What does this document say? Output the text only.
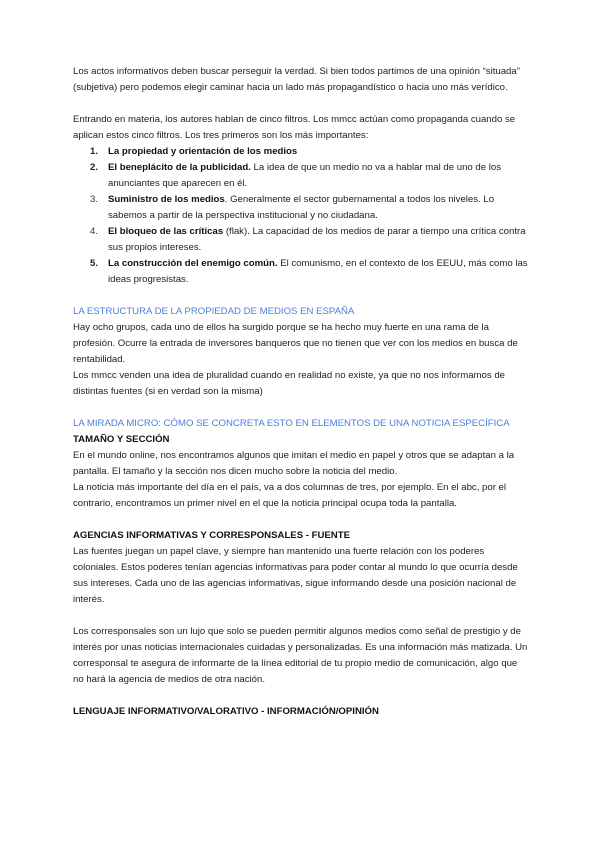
Los actos informativos deben buscar perseguir la verdad. Si bien todos partimos de una opinión “situada” (subjetiva) pero podemos elegir caminar hacia un lado más propagandístico o hacia uno más verídico.

Entrando en materia, los autores hablan de cinco filtros. Los mmcc actúan como propaganda cuando se aplican estos cinco filtros. Los tres primeros son los más importantes:

1. La propiedad y orientación de los medios
2. El beneplácito de la publicidad. La idea de que un medio no va a hablar mal de uno de los anunciantes que aparecen en él.
3. Suministro de los medios. Generalmente el sector gubernamental a todos los niveles. Lo sabemos a partir de la perspectiva institucional y no ciudadana.
4. El bloqueo de las críticas (flak). La capacidad de los medios de parar a tiempo una crítica contra sus propios intereses.
5. La construcción del enemigo común. El comunismo, en el contexto de los EEUU, más como las ideas progresistas.

LA ESTRUCTURA DE LA PROPIEDAD DE MEDIOS EN ESPAÑA

Hay ocho grupos, cada uno de ellos ha surgido porque se ha hecho muy fuerte en una rama de la profesión. Ocurre la entrada de inversores banqueros que no tienen que ver con los medios en busca de rentabilidad.

Los mmcc venden una idea de pluralidad cuando en realidad no existe, ya que no nos informamos de distintas fuentes (si en verdad son la misma)

LA MIRADA MICRO: CÓMO SE CONCRETA ESTO EN ELEMENTOS DE UNA NOTICIA ESPECÍFICA

TAMAÑO Y SECCIÓN

En el mundo online, nos encontramos algunos que imitan el medio en papel y otros que se adaptan a la pantalla. El tamaño y la sección nos dicen mucho sobre la noticia del medio.

La noticia más importante del día en el país, va a dos columnas de tres, por ejemplo. En el abc, por el contrario, encontramos un primer nivel en el que la noticia principal ocupa toda la pantalla.

AGENCIAS INFORMATIVAS Y CORRESPONSALES - FUENTE

Las fuentes juegan un papel clave, y siempre han mantenido una fuerte relación con los poderes coloniales. Estos poderes tenían agencias informativas para poder contar al mundo lo que ocurría desde sus intereses. Cada uno de las agencias informativas, sigue informando desde una posición nacional de interés.

Los corresponsales son un lujo que solo se pueden permitir algunos medios como señal de prestigio y de interés por unas noticias internacionales cuidadas y personalizadas. Es una información más matizada. Un corresponsal te asegura de informarte de la línea editorial de tu propio medio de comunicación, algo que no hará la agencia de medios de otra nación.

LENGUAJE INFORMATIVO/VALORATIVO - INFORMACIÓN/OPINIÓN
